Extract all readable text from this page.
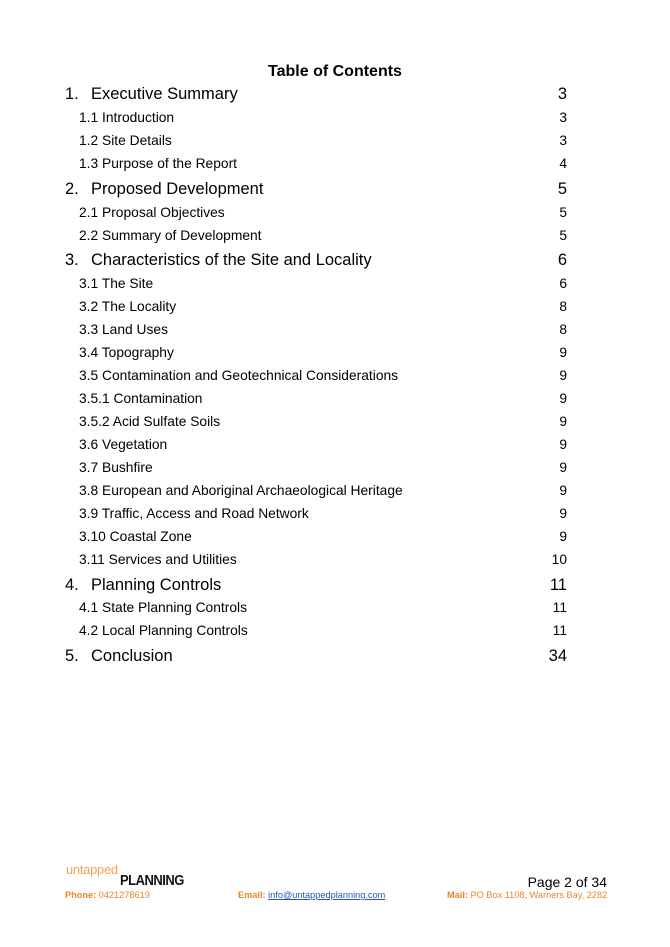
Table of Contents
1. Executive Summary	3
1.1 Introduction	3
1.2 Site Details	3
1.3 Purpose of the Report	4
2. Proposed Development	5
2.1 Proposal Objectives	5
2.2 Summary of Development	5
3. Characteristics of the Site and Locality	6
3.1 The Site	6
3.2 The Locality	8
3.3 Land Uses	8
3.4 Topography	9
3.5 Contamination and Geotechnical Considerations	9
3.5.1 Contamination	9
3.5.2 Acid Sulfate Soils	9
3.6 Vegetation	9
3.7 Bushfire	9
3.8 European and Aboriginal Archaeological Heritage	9
3.9 Traffic, Access and Road Network	9
3.10 Coastal Zone	9
3.11 Services and Utilities	10
4. Planning Controls	11
4.1 State Planning Controls	11
4.2 Local Planning Controls	11
5. Conclusion	34
untapped
PLANNING	Page 2 of 34
Phone: 0421278619	Email: info@untappedplanning.com	Mail: PO Box 1108, Warners Bay, 2282
